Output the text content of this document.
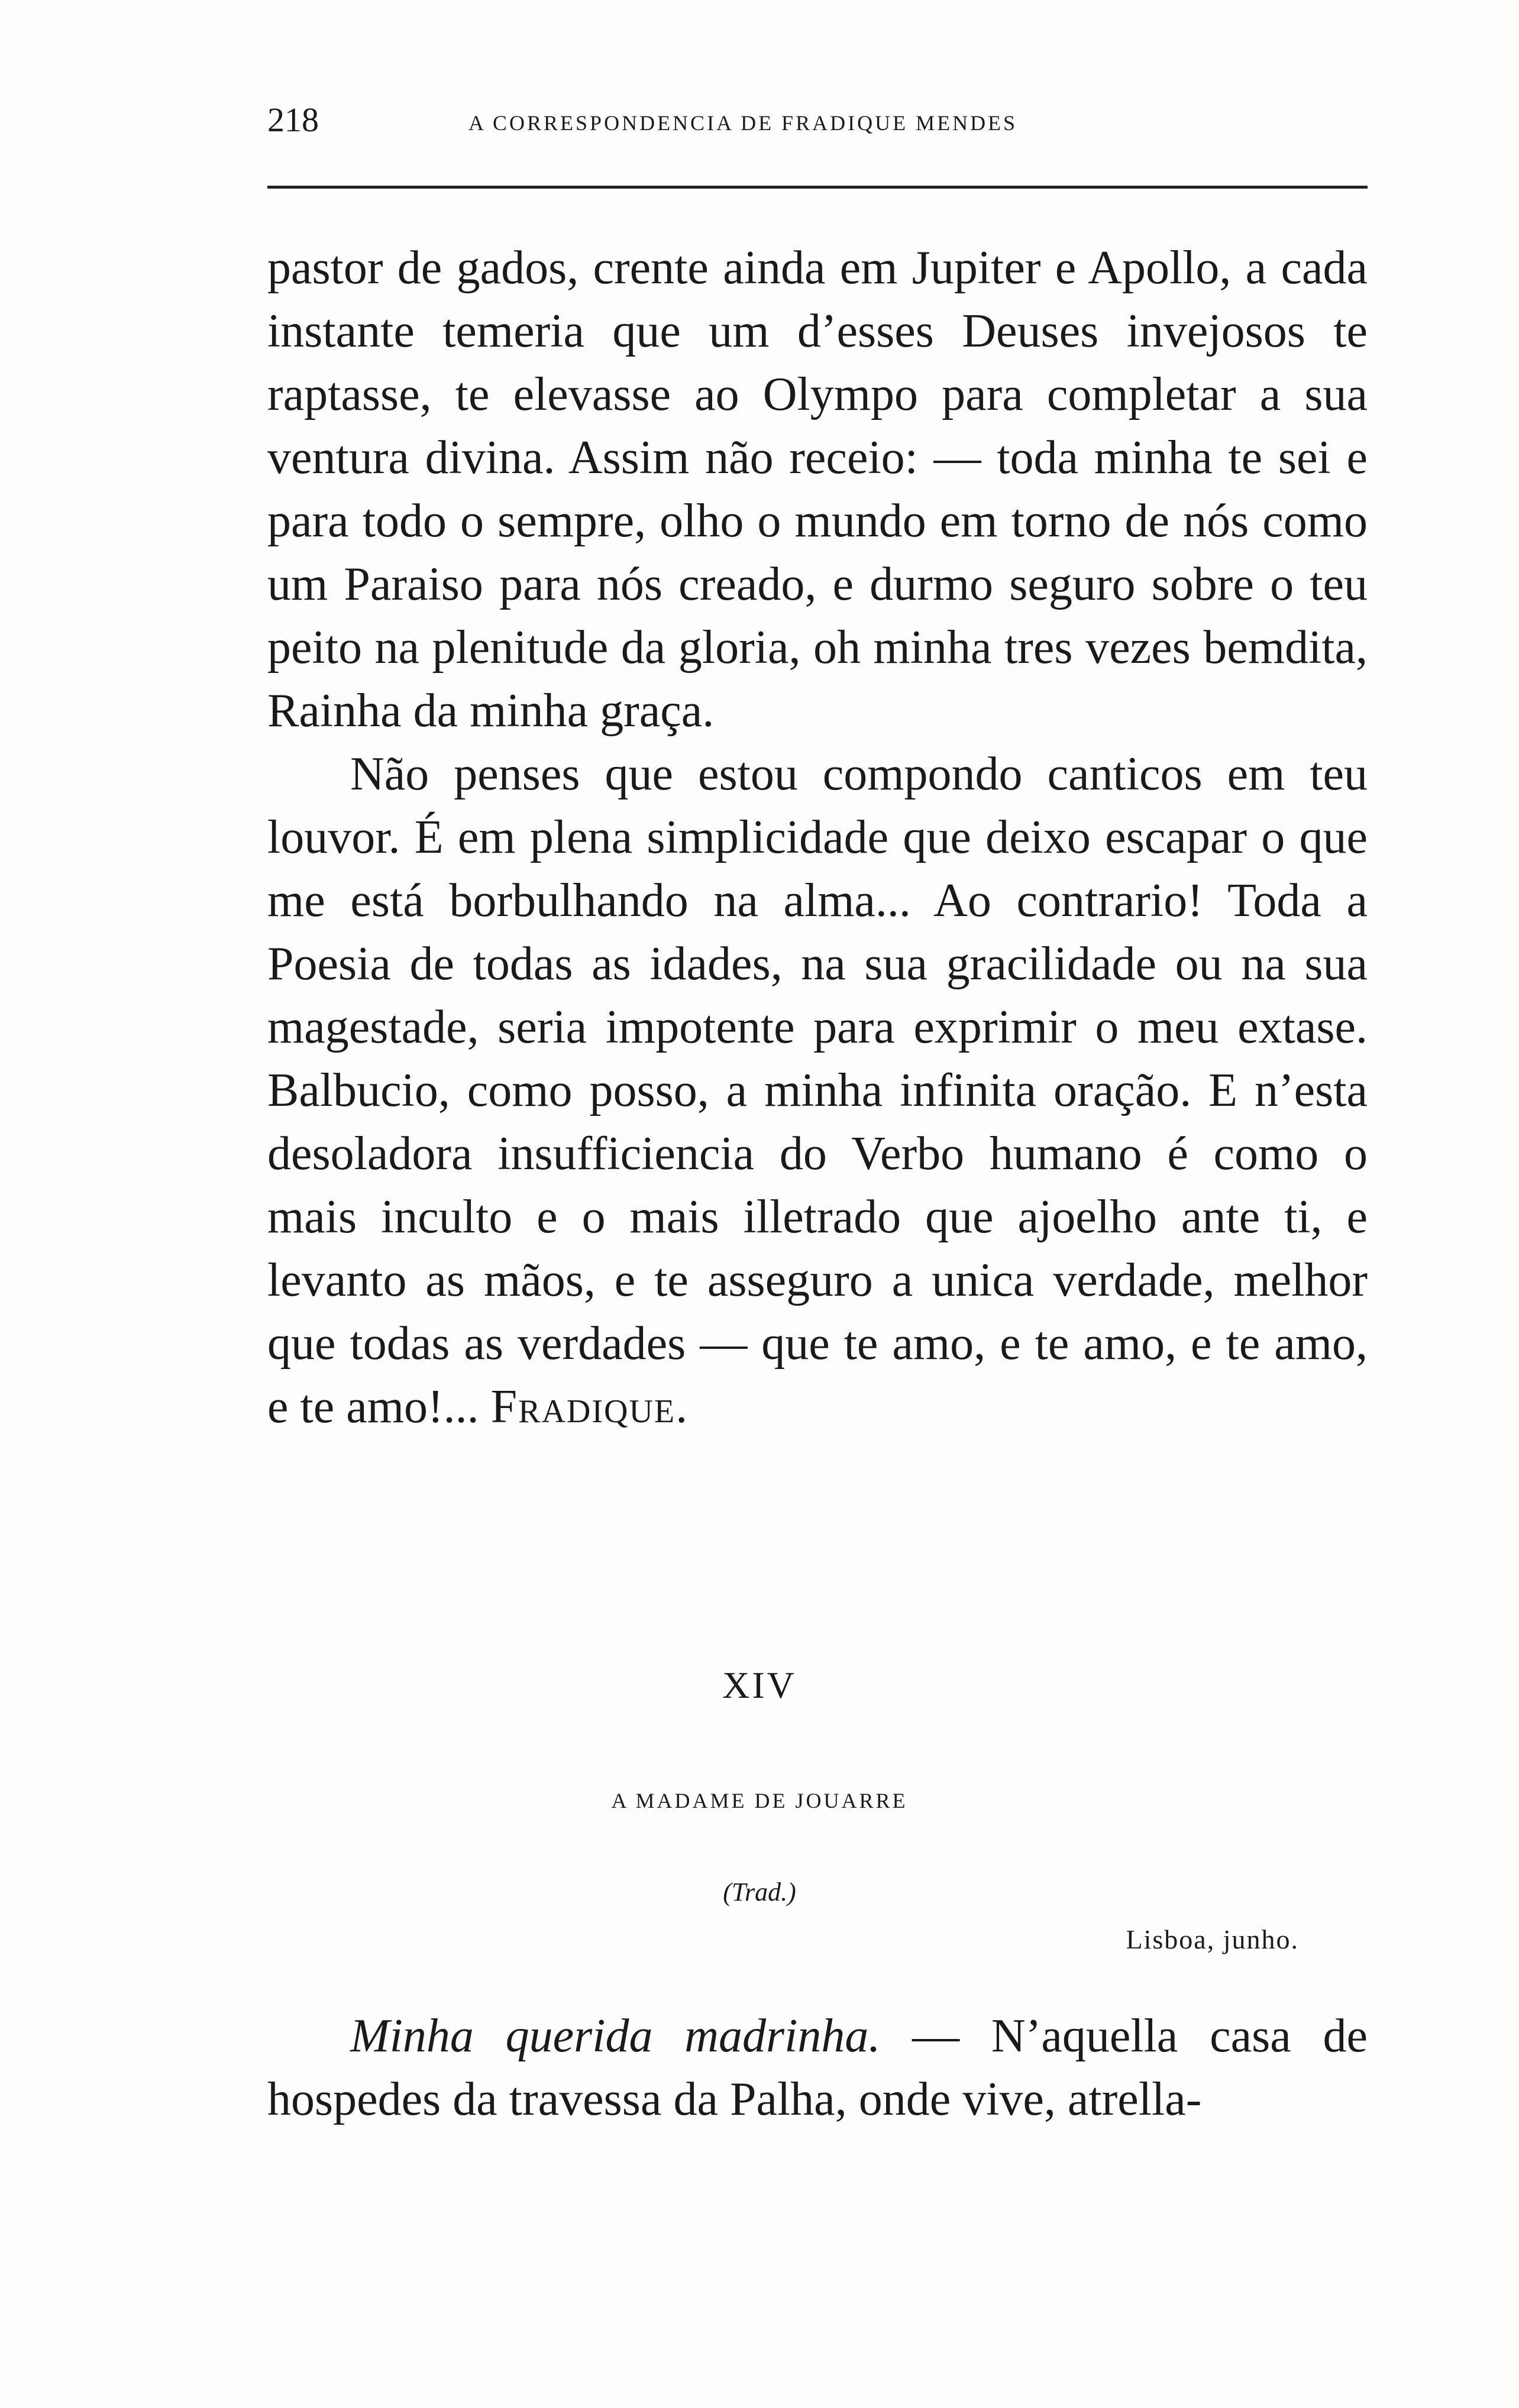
218	A CORRESPONDENCIA DE FRADIQUE MENDES

pastor de gados, crente ainda em Jupiter e Apollo, a cada instante temeria que um d’esses Deuses invejosos te raptasse, te elevasse ao Olympo para completar a sua ventura divina. Assim não receio: — toda minha te sei e para todo o sempre, olho o mundo em torno de nós como um Paraiso para nós creado, e durmo seguro sobre o teu peito na plenitude da gloria, oh minha tres vezes bemdita, Rainha da minha graça.

Não penses que estou compondo canticos em teu louvor. É em plena simplicidade que deixo escapar o que me está borbulhando na alma... Ao contrario! Toda a Poesia de todas as idades, na sua gracilidade ou na sua magestade, seria impotente para exprimir o meu extase. Balbucio, como posso, a minha infinita oração. E n’esta desoladora insufficiencia do Verbo humano é como o mais inculto e o mais illetrado que ajoelho ante ti, e levanto as mãos, e te asseguro a unica verdade, melhor que todas as verdades — que te amo, e te amo, e te amo, e te amo!... Fradique.

XIV
A MADAME DE JOUARRE
(Trad.)
Lisboa, junho.

Minha querida madrinha. — N’aquella casa de hospedes da travessa da Palha, onde vive, atrella-
